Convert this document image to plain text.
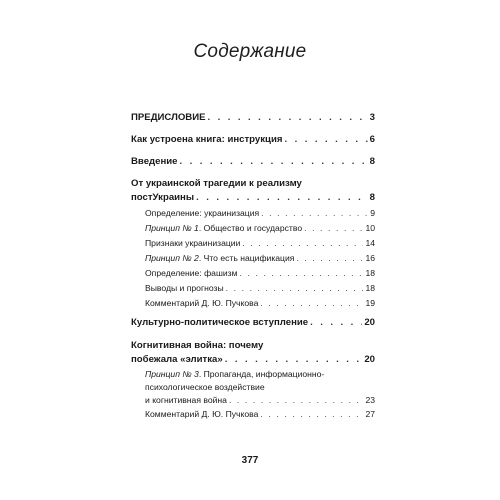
Содержание
ПРЕДИСЛОВИЕ . . .	3
Как устроена книга: инструкция . . .	6
Введение . . .	8
От украинской трагедии к реализму
постУкраины . . .	8
Определение: украинизация . . .	9
Принцип № 1. Общество и государство . . .	10
Признаки украинизации . . .	14
Принцип № 2. Что есть нацификация . . .	16
Определение: фашизм . . .	18
Выводы и прогнозы . . .	18
Комментарий Д. Ю. Пучкова . . .	19
Культурно-политическое вступление . . .	20
Когнитивная война: почему
побежала «элитка» . . .	20
Принцип № 3. Пропаганда, информационно-
психологическое воздействие
и когнитивная война . . .	23
Комментарий Д. Ю. Пучкова . . .	27
377
